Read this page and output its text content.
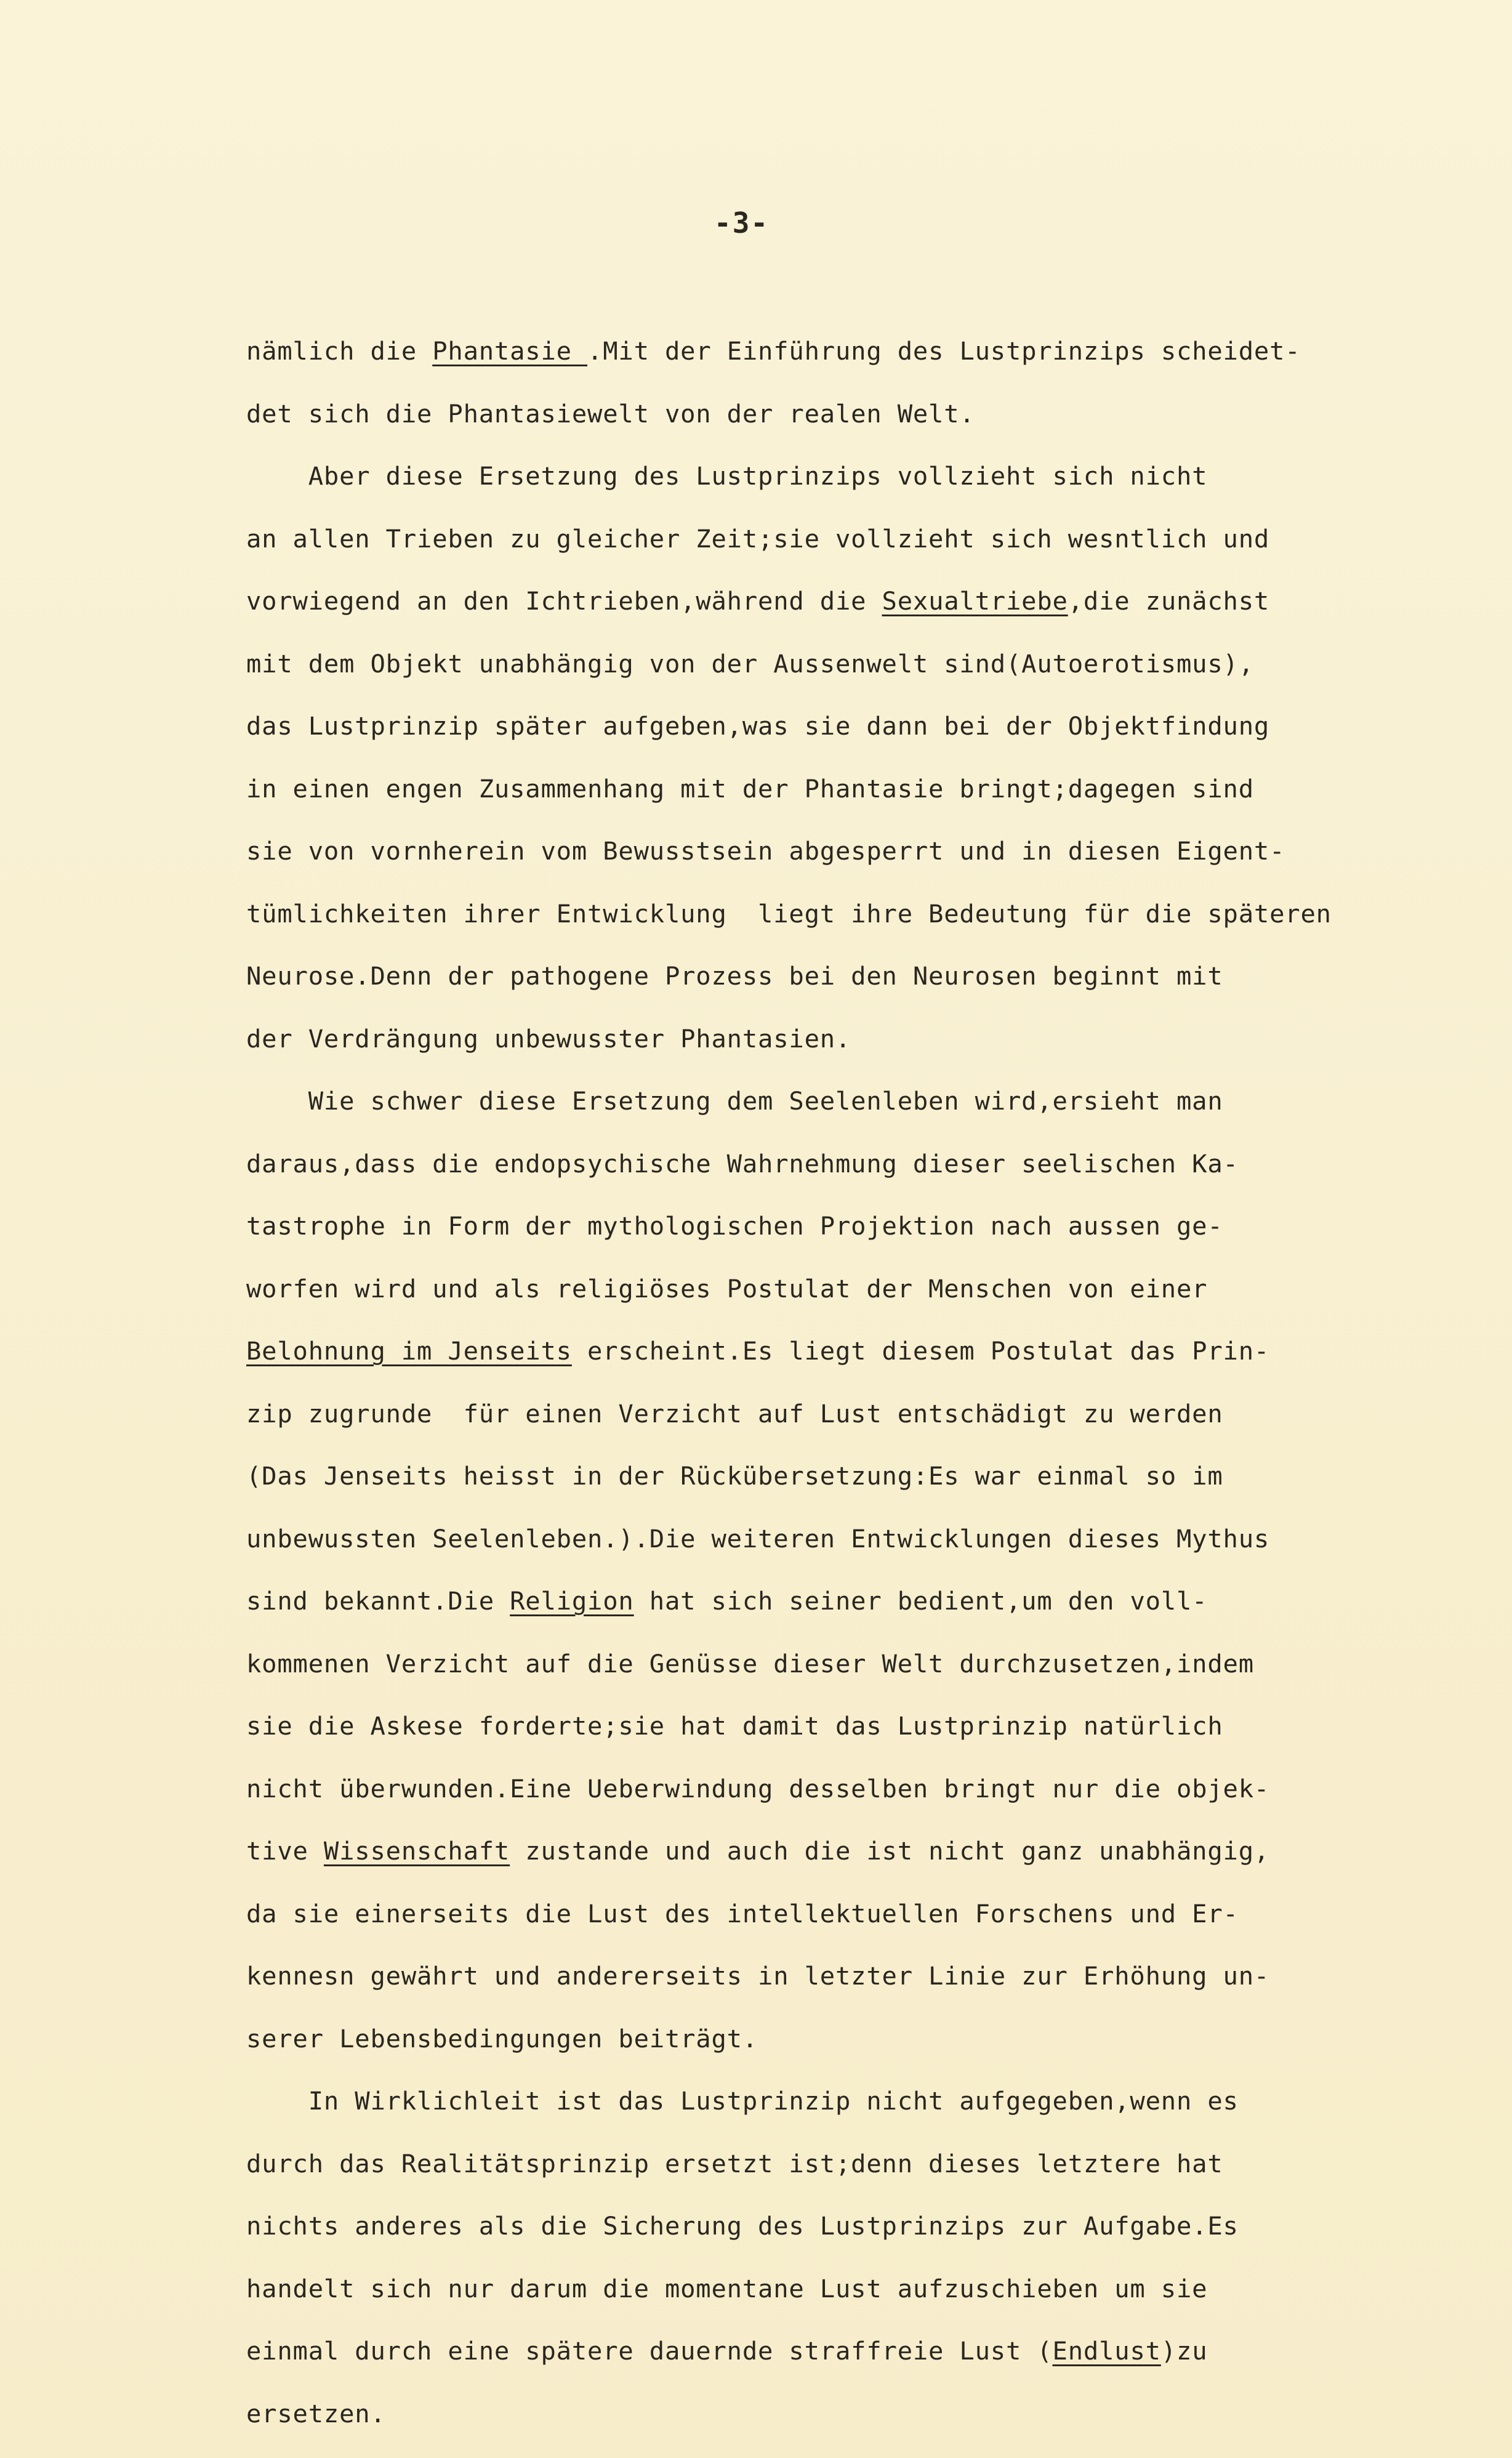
-3-
nämlich die Phantasie .Mit der Einführung des Lustprinzips scheidet-
det sich die Phantasiewelt von der realen Welt.
Aber diese Ersetzung des Lustprinzips vollzieht sich nicht
an allen Trieben zu gleicher Zeit;sie vollzieht sich wesntlich und
vorwiegend an den Ichtrieben,während die Sexualtriebe,die zunächst
mit dem Objekt unabhängig von der Aussenwelt sind(Autoerotismus),
das Lustprinzip später aufgeben,was sie dann bei der Objektfindung
in einen engen Zusammenhang mit der Phantasie bringt;dagegen sind
sie von vornherein vom Bewusstsein abgesperrt und in diesen Eigent-
tümlichkeiten ihrer Entwicklung  liegt ihre Bedeutung für die späteren
Neurose.Denn der pathogene Prozess bei den Neurosen beginnt mit
der Verdrängung unbewusster Phantasien.
Wie schwer diese Ersetzung dem Seelenleben wird,ersieht man
daraus,dass die endopsychische Wahrnehmung dieser seelischen Ka-
tastrophe in Form der mythologischen Projektion nach aussen ge-
worfen wird und als religiöses Postulat der Menschen von einer
Belohnung im Jenseits erscheint.Es liegt diesem Postulat das Prin-
zip zugrunde  für einen Verzicht auf Lust entschädigt zu werden
(Das Jenseits heisst in der Rückübersetzung:Es war einmal so im
unbewussten Seelenleben.).Die weiteren Entwicklungen dieses Mythus
sind bekannt.Die Religion hat sich seiner bedient,um den voll-
kommenen Verzicht auf die Genüsse dieser Welt durchzusetzen,indem
sie die Askese forderte;sie hat damit das Lustprinzip natürlich
nicht überwunden.Eine Ueberwindung desselben bringt nur die objek-
tive Wissenschaft zustande und auch die ist nicht ganz unabhängig,
da sie einerseits die Lust des intellektuellen Forschens und Er-
kennesn gewährt und andererseits in letzter Linie zur Erhöhung un-
serer Lebensbedingungen beiträgt.
In Wirklichleit ist das Lustprinzip nicht aufgegeben,wenn es
durch das Realitätsprinzip ersetzt ist;denn dieses letztere hat
nichts anderes als die Sicherung des Lustprinzips zur Aufgabe.Es
handelt sich nur darum die momentane Lust aufzuschieben um sie
einmal durch eine spätere dauernde straffreie Lust (Endlust)zu
ersetzen.
